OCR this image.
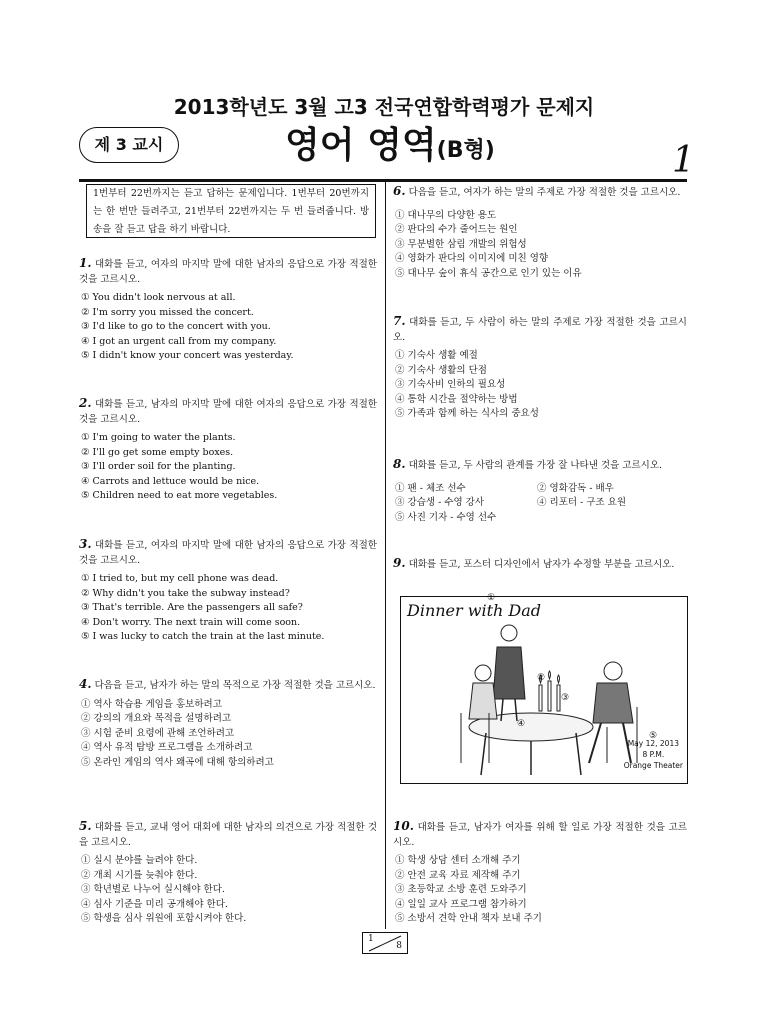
2013학년도 3월 고3 전국연합학력평가 문제지
제 3 교시	영어 영역(B형)	1
1번부터 22번까지는 듣고 답하는 문제입니다. 1번부터 20번까지는 한 번만 들려주고, 21번부터 22번까지는 두 번 들려줍니다. 방송을 잘 듣고 답을 하기 바랍니다.
1. 대화를 듣고, 여자의 마지막 말에 대한 남자의 응답으로 가장 적절한 것을 고르시오.
① You didn't look nervous at all.
② I'm sorry you missed the concert.
③ I'd like to go to the concert with you.
④ I got an urgent call from my company.
⑤ I didn't know your concert was yesterday.
2. 대화를 듣고, 남자의 마지막 말에 대한 여자의 응답으로 가장 적절한 것을 고르시오.
① I'm going to water the plants.
② I'll go get some empty boxes.
③ I'll order soil for the planting.
④ Carrots and lettuce would be nice.
⑤ Children need to eat more vegetables.
3. 대화를 듣고, 여자의 마지막 말에 대한 남자의 응답으로 가장 적절한 것을 고르시오.
① I tried to, but my cell phone was dead.
② Why didn't you take the subway instead?
③ That's terrible. Are the passengers all safe?
④ Don't worry. The next train will come soon.
⑤ I was lucky to catch the train at the last minute.
4. 다음을 듣고, 남자가 하는 말의 목적으로 가장 적절한 것을 고르시오.
① 역사 학습용 게임을 홍보하려고
② 강의의 개요와 목적을 설명하려고
③ 시험 준비 요령에 관해 조언하려고
④ 역사 유적 탐방 프로그램을 소개하려고
⑤ 온라인 게임의 역사 왜곡에 대해 항의하려고
5. 대화를 듣고, 교내 영어 대회에 대한 남자의 의견으로 가장 적절한 것을 고르시오.
① 실시 분야를 늘려야 한다.
② 개최 시기를 늦춰야 한다.
③ 학년별로 나누어 실시해야 한다.
④ 심사 기준을 미리 공개해야 한다.
⑤ 학생을 심사 위원에 포함시켜야 한다.
6. 다음을 듣고, 여자가 하는 말의 주제로 가장 적절한 것을 고르시오.
① 대나무의 다양한 용도
② 판다의 수가 줄어드는 원인
③ 무분별한 삼림 개발의 위험성
④ 영화가 판다의 이미지에 미친 영향
⑤ 대나무 숲이 휴식 공간으로 인기 있는 이유
7. 대화를 듣고, 두 사람이 하는 말의 주제로 가장 적절한 것을 고르시오.
① 기숙사 생활 예절
② 기숙사 생활의 단점
③ 기숙사비 인하의 필요성
④ 통학 시간을 절약하는 방법
⑤ 가족과 함께 하는 식사의 중요성
8. 대화를 듣고, 두 사람의 관계를 가장 잘 나타낸 것을 고르시오.
① 팬 - 체조 선수	② 영화감독 - 배우
③ 강습생 - 수영 강사	④ 리포터 - 구조 요원
⑤ 사진 기자 - 수영 선수
9. 대화를 듣고, 포스터 디자인에서 남자가 수정할 부분을 고르시오.
Dinner with Dad
May 12, 2013
8 P.M.
Orange Theater
①
②
③
④
⑤
10. 대화를 듣고, 남자가 여자를 위해 할 일로 가장 적절한 것을 고르시오.
① 학생 상담 센터 소개해 주기
② 안전 교육 자료 제작해 주기
③ 초등학교 소방 훈련 도와주기
④ 일일 교사 프로그램 참가하기
⑤ 소방서 견학 안내 책자 보내 주기
1
8
